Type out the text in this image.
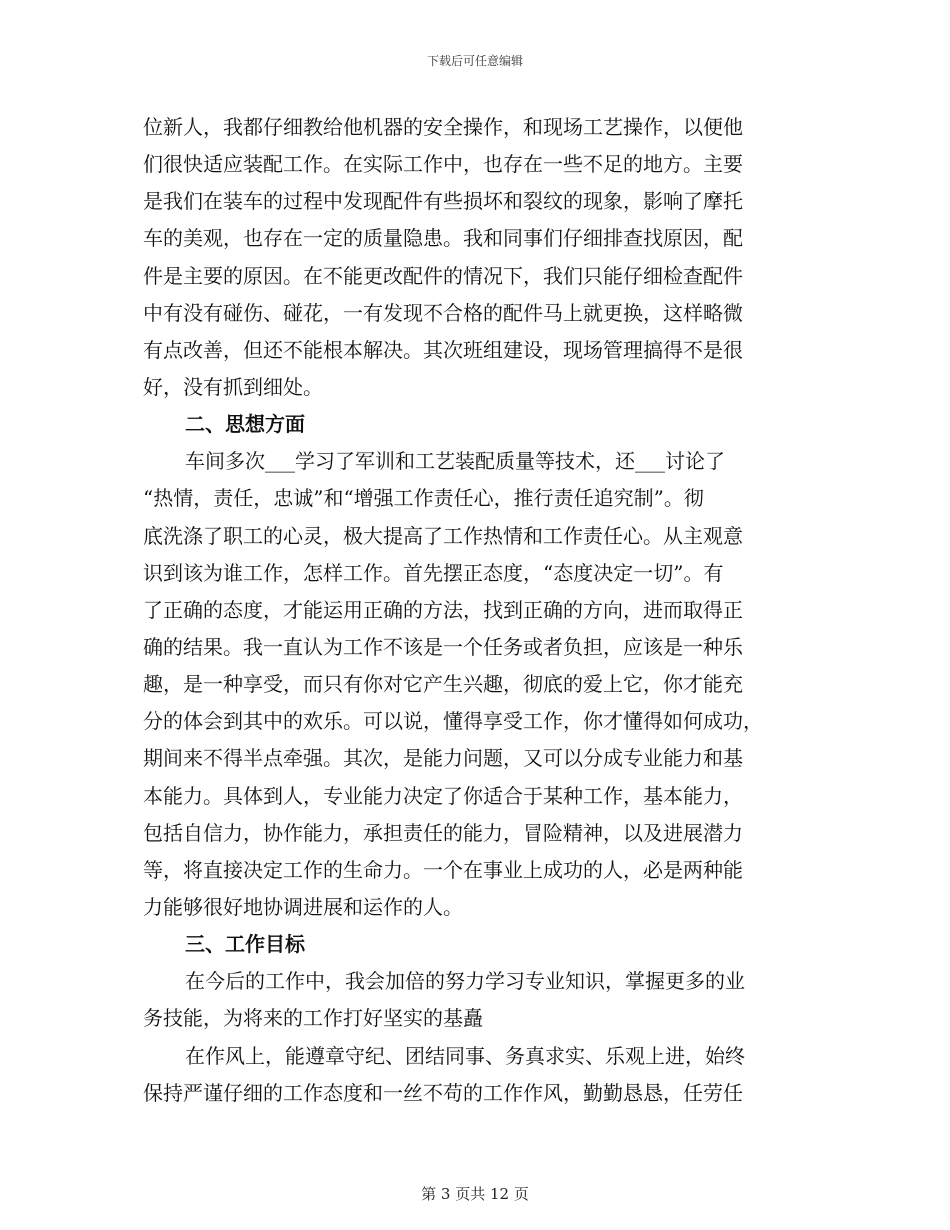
下载后可任意编辑
位新人，我都仔细教给他机器的安全操作，和现场工艺操作，以便他
们很快适应装配工作。在实际工作中，也存在一些不足的地方。主要
是我们在装车的过程中发现配件有些损坏和裂纹的现象，影响了摩托
车的美观，也存在一定的质量隐患。我和同事们仔细排查找原因，配
件是主要的原因。在不能更改配件的情况下，我们只能仔细检查配件
中有没有碰伤、碰花，一有发现不合格的配件马上就更换，这样略微
有点改善，但还不能根本解决。其次班组建设，现场管理搞得不是很
好，没有抓到细处。
二、思想方面
车间多次___学习了军训和工艺装配质量等技术，还___讨论了
“热情，责任，忠诚”和“增强工作责任心，推行责任追究制”。彻
底洗涤了职工的心灵，极大提高了工作热情和工作责任心。从主观意
识到该为谁工作，怎样工作。首先摆正态度，“态度决定一切”。有
了正确的态度，才能运用正确的方法，找到正确的方向，进而取得正
确的结果。我一直认为工作不该是一个任务或者负担，应该是一种乐
趣，是一种享受，而只有你对它产生兴趣，彻底的爱上它，你才能充
分的体会到其中的欢乐。可以说，懂得享受工作，你才懂得如何成功，
期间来不得半点牵强。其次，是能力问题，又可以分成专业能力和基
本能力。具体到人，专业能力决定了你适合于某种工作，基本能力，
包括自信力，协作能力，承担责任的能力，冒险精神，以及进展潜力
等，将直接决定工作的生命力。一个在事业上成功的人，必是两种能
力能够很好地协调进展和运作的人。
三、工作目标
在今后的工作中，我会加倍的努力学习专业知识，掌握更多的业
务技能，为将来的工作打好坚实的基矗
在作风上，能遵章守纪、团结同事、务真求实、乐观上进，始终
保持严谨仔细的工作态度和一丝不苟的工作作风，勤勤恳恳，任劳任
第 3 页共 12 页
